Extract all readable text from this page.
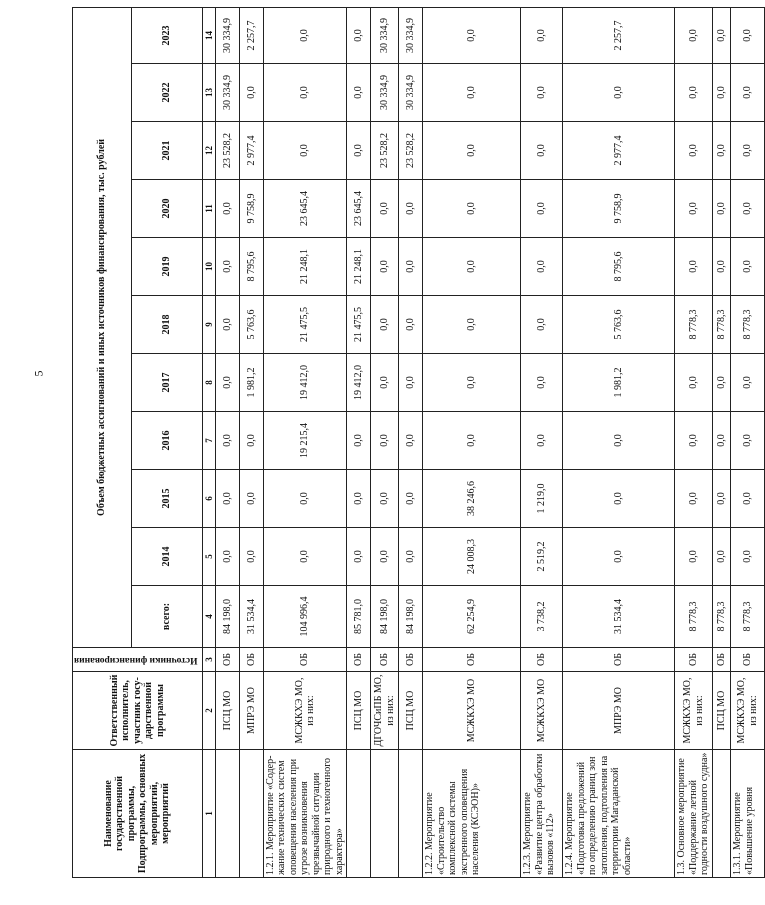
5
Наименование государственной программы, Подпрограммы, основных мероприятий, мероприятий	Ответственный исполнитель, участник госу-дарственной программы	Источники финансирования	Объем бюджетных ассигнований и иных источников финансирования, тыс. рублей										
			всего:	2014	2015	2016	2017	2018	2019	2020	2021	2022	2023
1	2	3	4	5	6	7	8	9	10	11	12	13	14
	ПСЦ МО	ОБ	84 198,0	0,0	0,0	0,0	0,0	0,0	0,0	0,0	23 528,2	30 334,9	30 334,9
	МПРЭ МО	ОБ	31 534,4	0,0	0,0	0,0	1 981,2	5 763,6	8 795,6	9 758,9	2 977,4	0,0	2 257,7
1.2.1. Мероприятие «Содер-жание технических систем оповещения населения при угрозе возникновения чрезвычайной ситуации природного и техногенного характера»	МСЖКХЭ МО, из них:	ОБ	104 996,4	0,0	0,0	19 215,4	19 412,0	21 475,5	21 248,1	23 645,4	0,0	0,0	0,0
	ПСЦ МО	ОБ	85 781,0	0,0	0,0	0,0	19 412,0	21 475,5	21 248,1	23 645,4	0,0	0,0	0,0
	ДГОЧСиПБ МО, из них:	ОБ	84 198,0	0,0	0,0	0,0	0,0	0,0	0,0	0,0	23 528,2	30 334,9	30 334,9
	ПСЦ МО	ОБ	84 198,0	0,0	0,0	0,0	0,0	0,0	0,0	0,0	23 528,2	30 334,9	30 334,9
1.2.2. Мероприятие «Строительство комплексной системы экстренного оповещения населения (КСЭОН)»	МСЖКХЭ МО	ОБ	62 254,9	24 008,3	38 246,6	0,0	0,0	0,0	0,0	0,0	0,0	0,0	0,0
1.2.3. Мероприятие «Развитие центра обработки вызовов «112»	МСЖКХЭ МО	ОБ	3 738,2	2 519,2	1 219,0	0,0	0,0	0,0	0,0	0,0	0,0	0,0	0,0
1.2.4. Мероприятие «Подготовка предложений по определению границ зон затопления, подтопления на территории Магаданской области»	МПРЭ МО	ОБ	31 534,4	0,0	0,0	0,0	1 981,2	5 763,6	8 795,6	9 758,9	2 977,4	0,0	2 257,7
1.3. Основное мероприятие «Поддержание летной годности воздушного судна»	МСЖКХЭ МО, из них:	ОБ	8 778,3	0,0	0,0	0,0	0,0	8 778,3	0,0	0,0	0,0	0,0	0,0
	ПСЦ МО	ОБ	8 778,3	0,0	0,0	0,0	0,0	8 778,3	0,0	0,0	0,0	0,0	0,0
1.3.1. Мероприятие «Повышение уровня	МСЖКХЭ МО, из них:	ОБ	8 778,3	0,0	0,0	0,0	0,0	8 778,3	0,0	0,0	0,0	0,0	0,0
